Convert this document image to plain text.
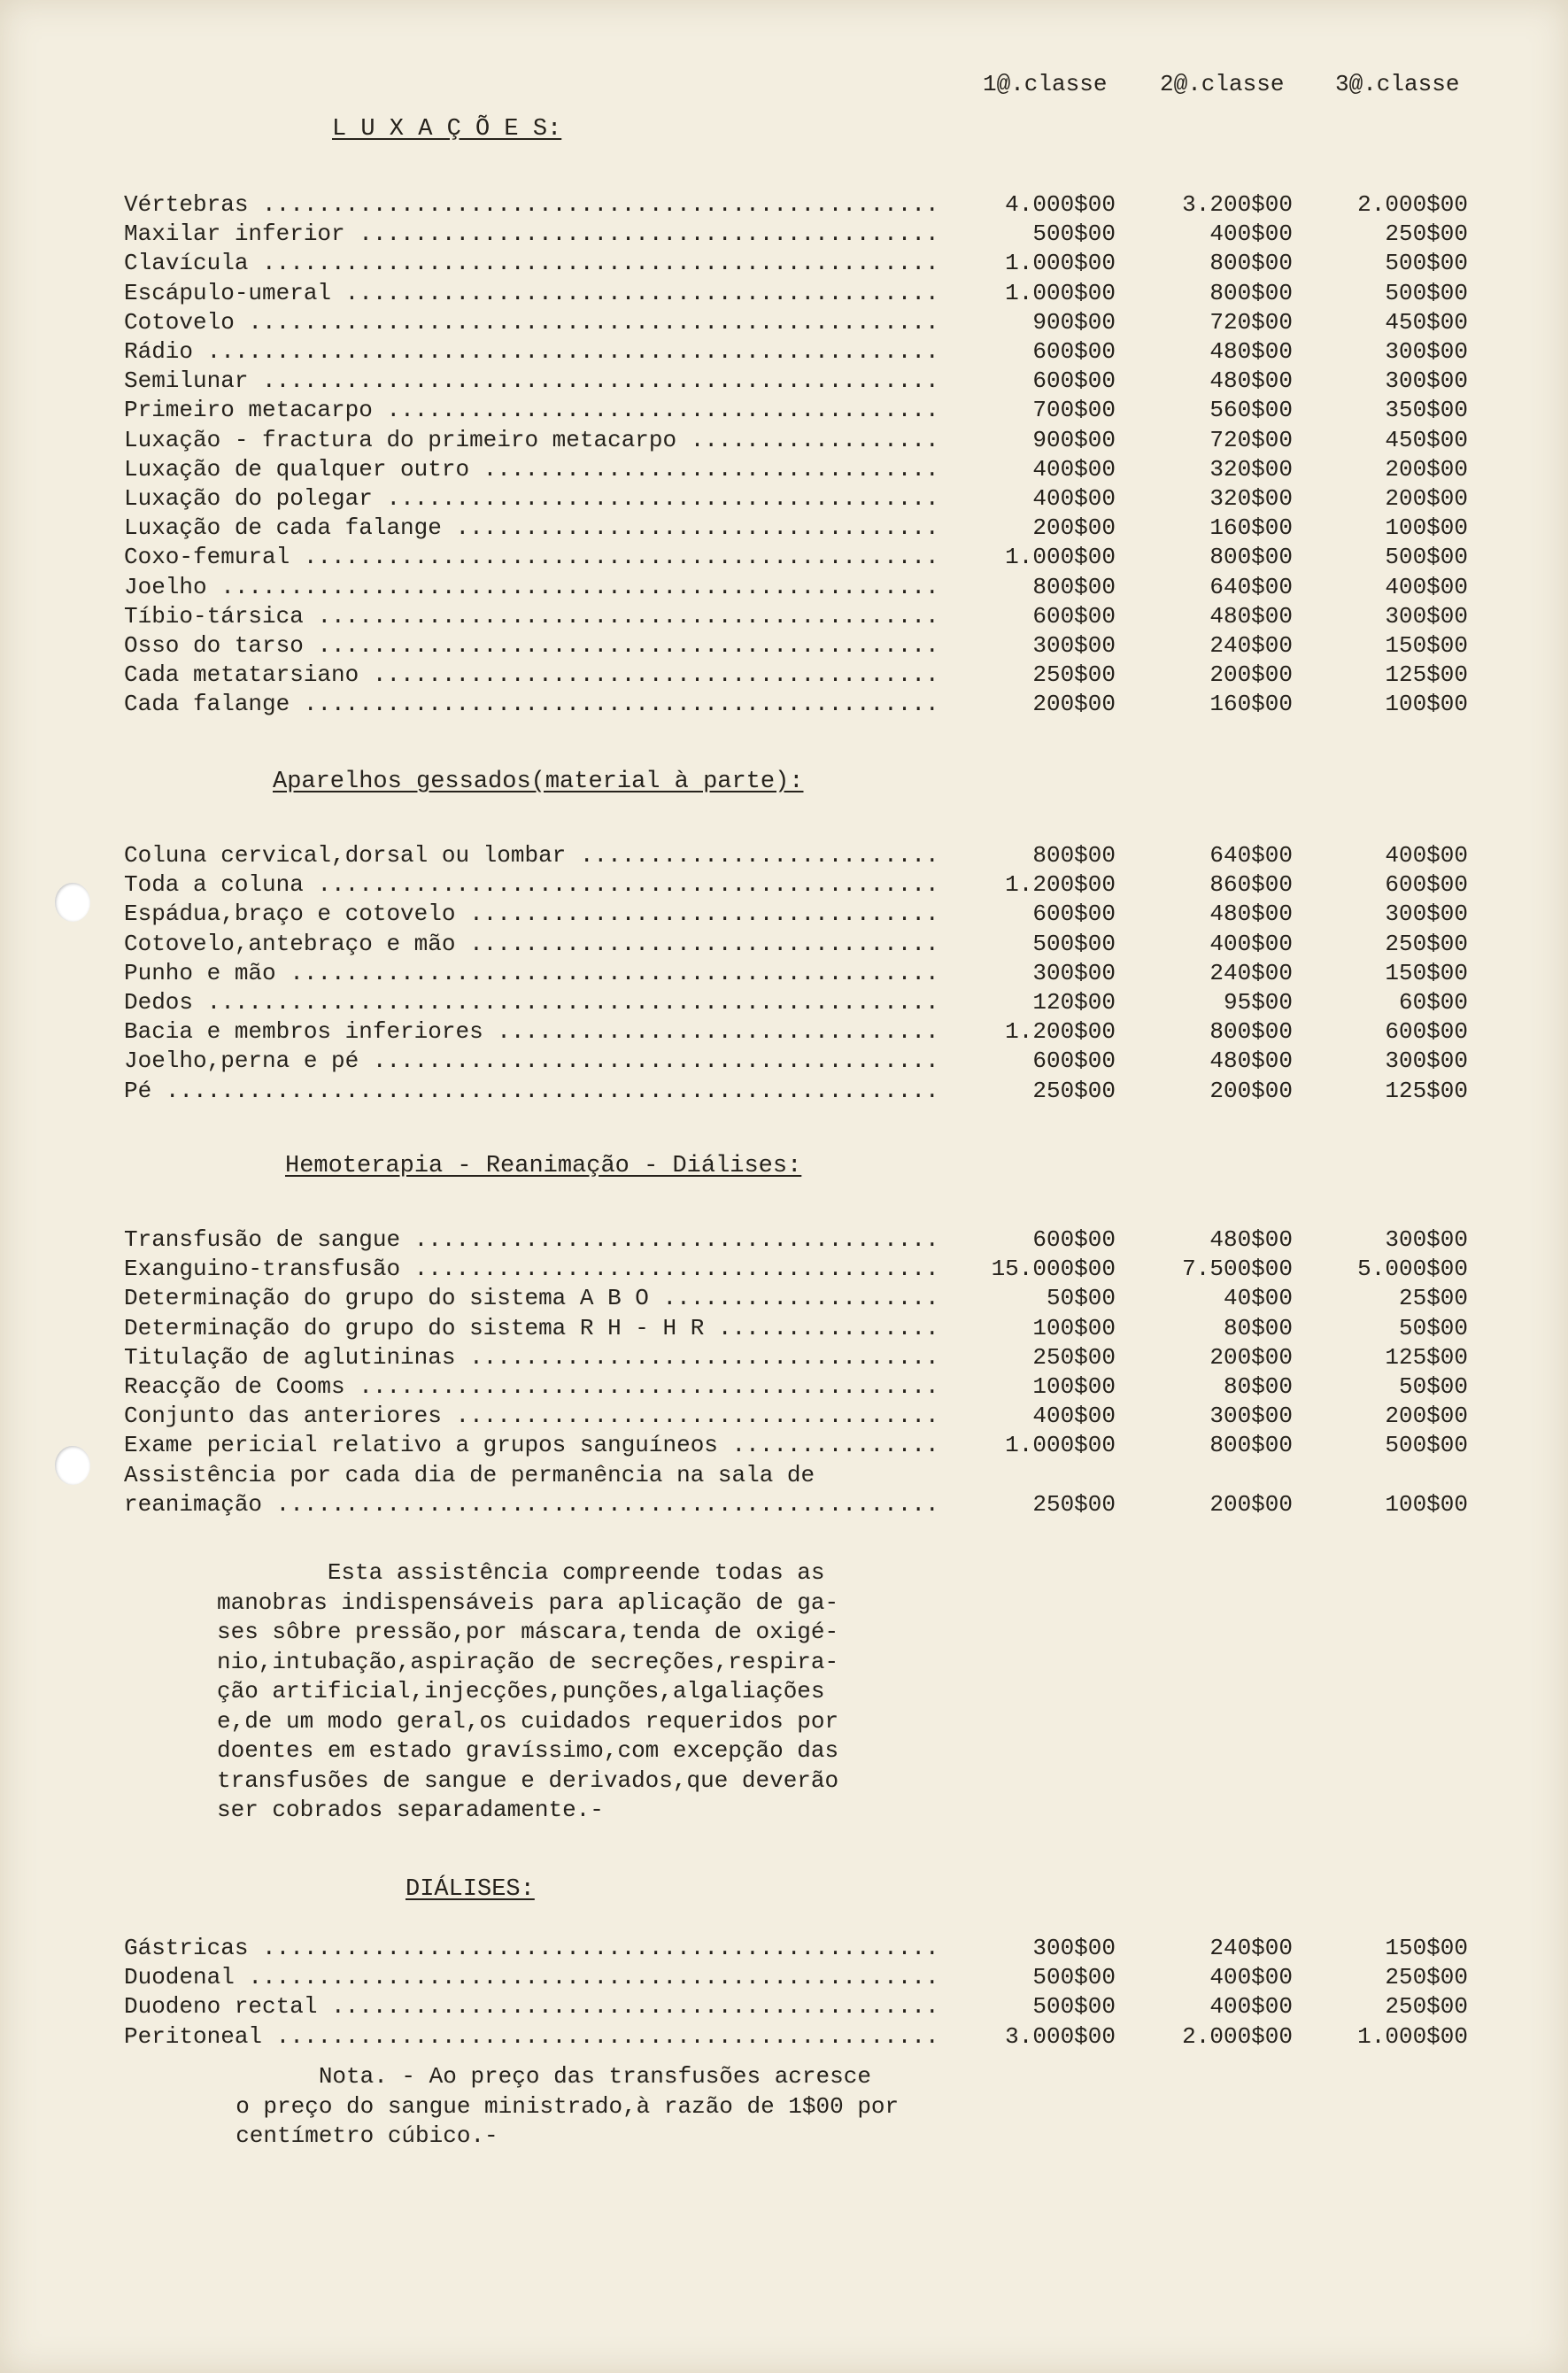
1@.classe 2@.classe 3@.classe
L U X A Ç Õ E S:
Vértebras .....	4.000$00	3.200$00	2.000$00
Maxilar inferior .....	500$00	400$00	250$00
Clavícula .....	1.000$00	800$00	500$00
Escápulo-umeral .....	1.000$00	800$00	500$00
Cotovelo .....	900$00	720$00	450$00
Rádio .....	600$00	480$00	300$00
Semilunar .....	600$00	480$00	300$00
Primeiro metacarpo .....	700$00	560$00	350$00
Luxação - fractura do primeiro metacarpo .....	900$00	720$00	450$00
Luxação de qualquer outro .....	400$00	320$00	200$00
Luxação do polegar .....	400$00	320$00	200$00
Luxação de cada falange .....	200$00	160$00	100$00
Coxo-femural .....	1.000$00	800$00	500$00
Joelho .....	800$00	640$00	400$00
Tíbio-társica .....	600$00	480$00	300$00
Osso do tarso .....	300$00	240$00	150$00
Cada metatarsiano .....	250$00	200$00	125$00
Cada falange .....	200$00	160$00	100$00
Aparelhos gessados(material à parte):
Coluna cervical,dorsal ou lombar .....	800$00	640$00	400$00
Toda a coluna .....	1.200$00	860$00	600$00
Espádua,braço e cotovelo .....	600$00	480$00	300$00
Cotovelo,antebraço e mão .....	500$00	400$00	250$00
Punho e mão .....	300$00	240$00	150$00
Dedos .....	120$00	95$00	60$00
Bacia e membros inferiores .....	1.200$00	800$00	600$00
Joelho,perna e pé .....	600$00	480$00	300$00
Pé .....	250$00	200$00	125$00
Hemoterapia - Reanimação - Diálises:
Transfusão de sangue .....	600$00	480$00	300$00
Exanguino-transfusão .....	15.000$00	7.500$00	5.000$00
Determinação do grupo do sistema A B O .....	50$00	40$00	25$00
Determinação do grupo do sistema R H - H R .....	100$00	80$00	50$00
Titulação de aglutininas .....	250$00	200$00	125$00
Reacção de Cooms .....	100$00	80$00	50$00
Conjunto das anteriores .....	400$00	300$00	200$00
Exame pericial relativo a grupos sanguíneos .....	1.000$00	800$00	500$00
Assistência por cada dia de permanência na sala de
reanimação .....	250$00	200$00	100$00
Esta assistência compreende todas as
manobras indispensáveis para aplicação de ga-
ses sôbre pressão,por máscara,tenda de oxigé-
nio,intubação,aspiração de secreções,respira-
ção artificial,injecções,punções,algaliações
e,de um modo geral,os cuidados requeridos por
doentes em estado gravíssimo,com excepção das
transfusões de sangue e derivados,que deverão
ser cobrados separadamente.-
DIÁLISES:
Gástricas .....	300$00	240$00	150$00
Duodenal .....	500$00	400$00	250$00
Duodeno rectal .....	500$00	400$00	250$00
Peritoneal .....	3.000$00	2.000$00	1.000$00
Nota. - Ao preço das transfusões acresce
o preço do sangue ministrado,à razão de 1$00 por
centímetro cúbico.-
